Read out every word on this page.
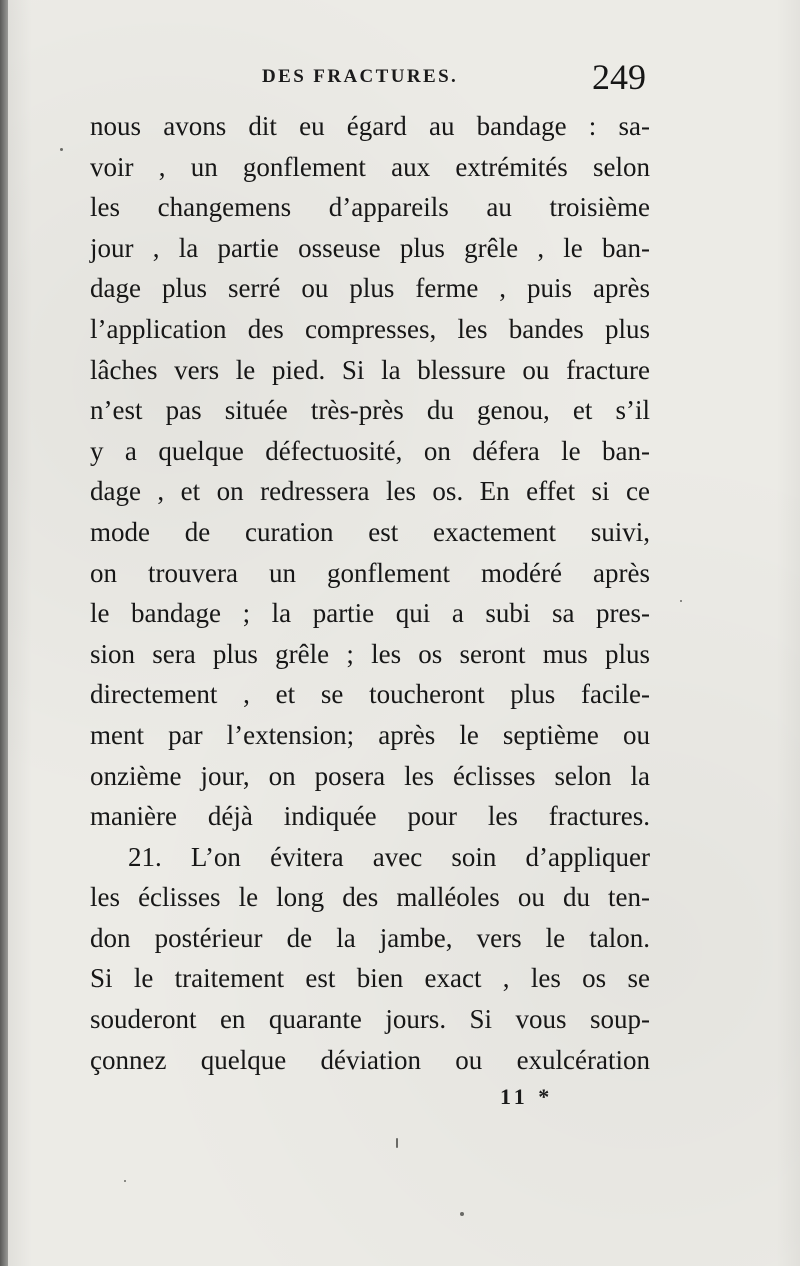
DES FRACTURES.	249
nous avons dit eu égard au bandage : sa-
voir , un gonflement aux extrémités selon
les changemens d’appareils au troisième
jour , la partie osseuse plus grêle , le ban-
dage plus serré ou plus ferme , puis après
l’application des compresses, les bandes plus
lâches vers le pied. Si la blessure ou fracture
n’est pas située très-près du genou, et s’il
y a quelque défectuosité, on défera le ban-
dage , et on redressera les os. En effet si ce
mode de curation est exactement suivi,
on trouvera un gonflement modéré après
le bandage ; la partie qui a subi sa pres-
sion sera plus grêle ; les os seront mus plus
directement , et se toucheront plus facile-
ment par l’extension; après le septième ou
onzième jour, on posera les éclisses selon la
manière déjà indiquée pour les fractures.
21. L’on évitera avec soin d’appliquer
les éclisses le long des malléoles ou du ten-
don postérieur de la jambe, vers le talon.
Si le traitement est bien exact , les os se
souderont en quarante jours. Si vous soup-
çonnez quelque déviation ou exulcération
11 *
